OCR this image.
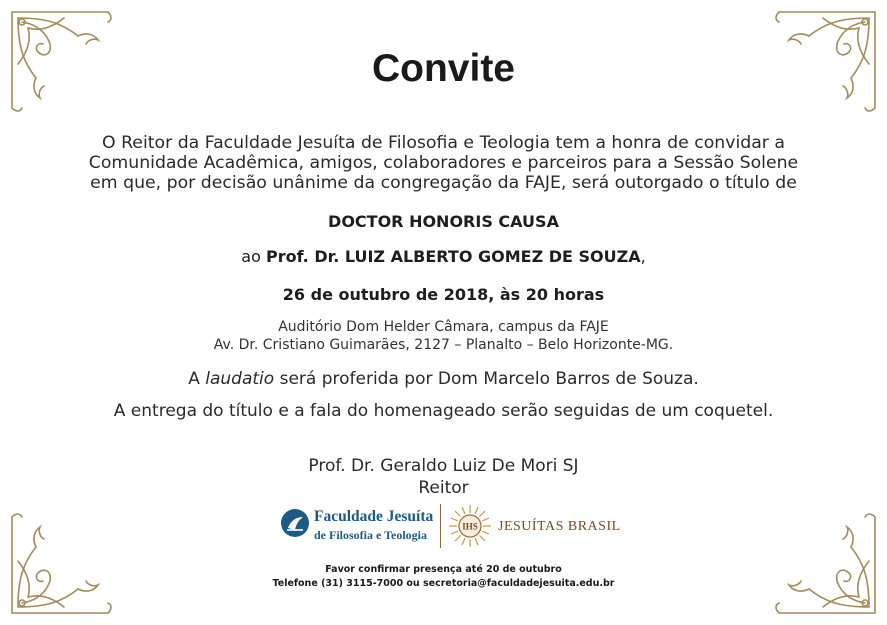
Convite

O Reitor da Faculdade Jesuíta de Filosofia e Teologia tem a honra de convidar a
Comunidade Acadêmica, amigos, colaboradores e parceiros para a Sessão Solene
em que, por decisão unânime da congregação da FAJE, será outorgado o título de

DOCTOR HONORIS CAUSA

ao Prof. Dr. LUIZ ALBERTO GOMEZ DE SOUZA,

26 de outubro de 2018, às 20 horas

Auditório Dom Helder Câmara, campus da FAJE
Av. Dr. Cristiano Guimarães, 2127 – Planalto – Belo Horizonte-MG.

A laudatio será proferida por Dom Marcelo Barros de Souza.

A entrega do título e a fala do homenageado serão seguidas de um coquetel.

Prof. Dr. Geraldo Luiz De Mori SJ
Reitor

Faculdade Jesuíta
de Filosofia e Teologia
IHS JESUÍTAS BRASIL

Favor confirmar presença até 20 de outubro

Telefone (31) 3115-7000 ou secretoria@faculdadejesuita.edu.br
